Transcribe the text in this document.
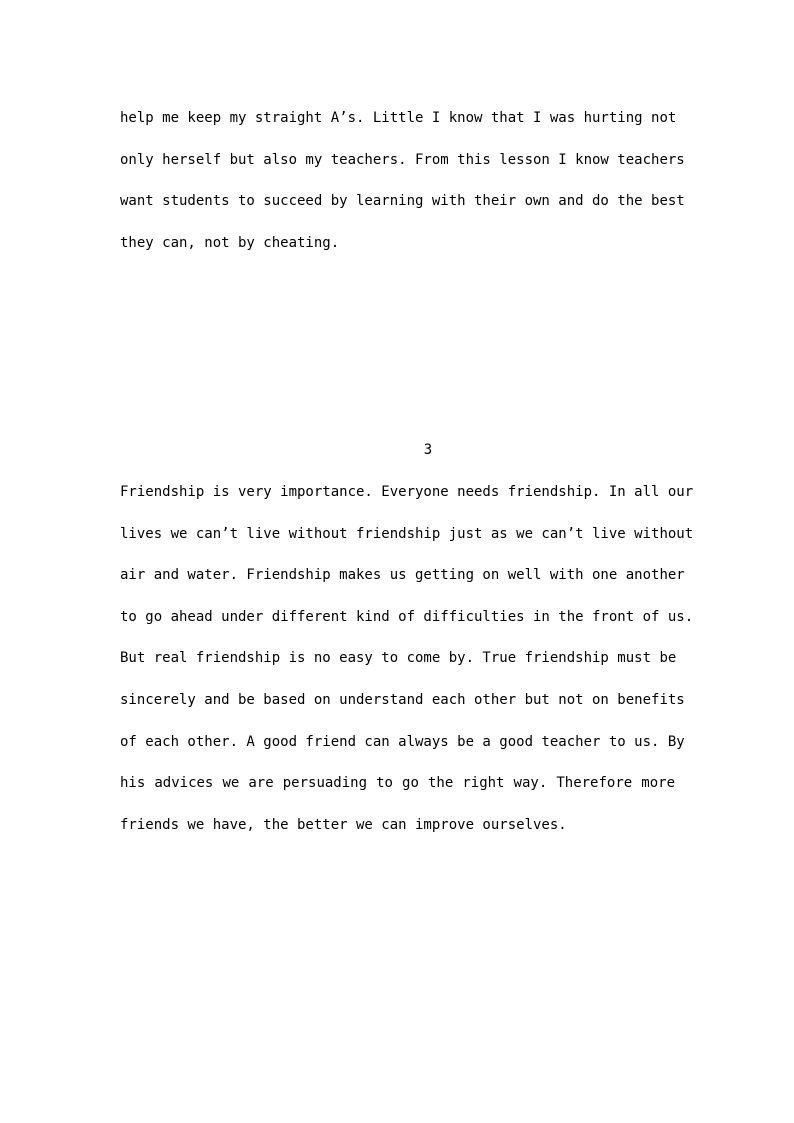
help me keep my straight A’s. Little I know that I was hurting not
only herself but also my teachers. From this lesson I know teachers
want students to succeed by learning with their own and do the best
they can, not by cheating.
3
Friendship is very importance. Everyone needs friendship. In all our
lives we can’t live without friendship just as we can’t live without
air and water. Friendship makes us getting on well with one another
to go ahead under different kind of difficulties in the front of us.
But real friendship is no easy to come by. True friendship must be
sincerely and be based on understand each other but not on benefits
of each other. A good friend can always be a good teacher to us. By
his advices we are persuading to go the right way. Therefore more
friends we have, the better we can improve ourselves.
